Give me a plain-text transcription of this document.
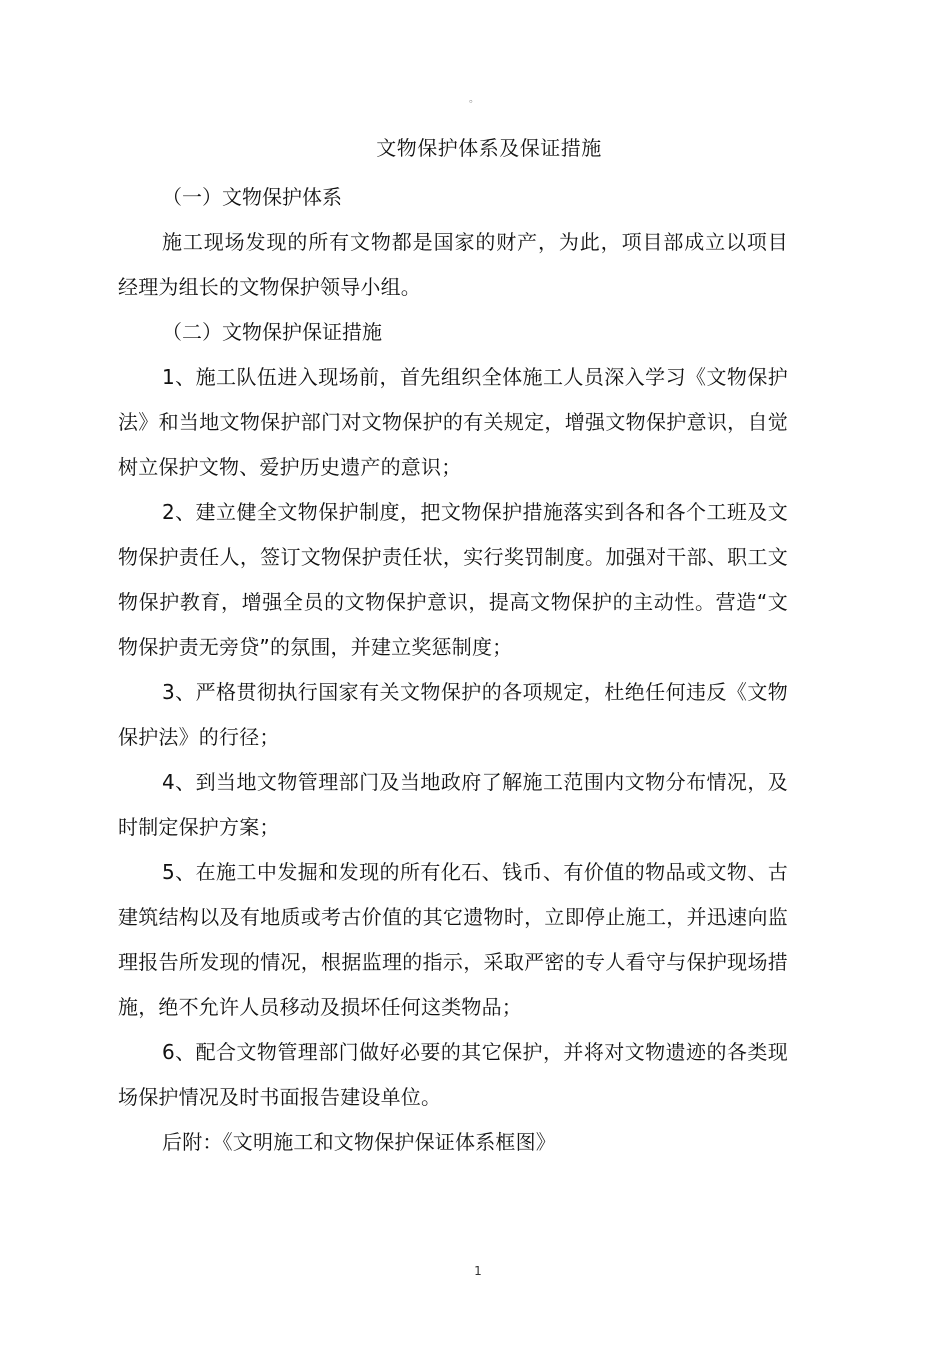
。
文物保护体系及保证措施

（一）文物保护体系

施工现场发现的所有文物都是国家的财产，为此，项目部成立以项目经理为组长的文物保护领导小组。

（二）文物保护保证措施

1、施工队伍进入现场前，首先组织全体施工人员深入学习《文物保护法》和当地文物保护部门对文物保护的有关规定，增强文物保护意识，自觉树立保护文物、爱护历史遗产的意识；

2、建立健全文物保护制度，把文物保护措施落实到各和各个工班及文物保护责任人，签订文物保护责任状，实行奖罚制度。加强对干部、职工文物保护教育，增强全员的文物保护意识，提高文物保护的主动性。营造“文物保护责无旁贷”的氛围，并建立奖惩制度；

3、严格贯彻执行国家有关文物保护的各项规定，杜绝任何违反《文物保护法》的行径；

4、到当地文物管理部门及当地政府了解施工范围内文物分布情况，及时制定保护方案；

5、在施工中发掘和发现的所有化石、钱币、有价值的物品或文物、古建筑结构以及有地质或考古价值的其它遗物时，立即停止施工，并迅速向监理报告所发现的情况，根据监理的指示，采取严密的专人看守与保护现场措施，绝不允许人员移动及损坏任何这类物品；

6、配合文物管理部门做好必要的其它保护，并将对文物遗迹的各类现场保护情况及时书面报告建设单位。

后附：《文明施工和文物保护保证体系框图》

1
